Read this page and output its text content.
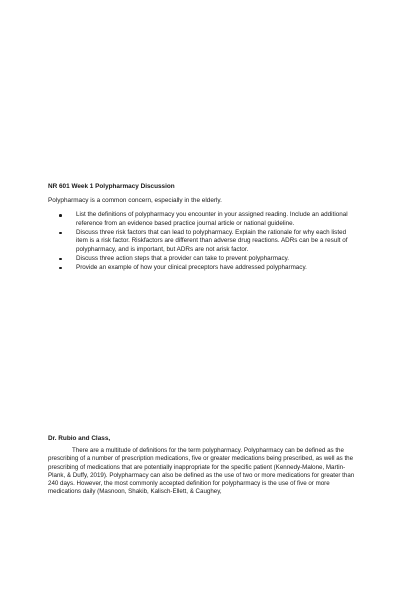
NR 601 Week 1 Polypharmacy Discussion

Polypharmacy is a common concern, especially in the elderly.

List the definitions of polypharmacy you encounter in your assigned reading. Include an additional reference from an evidence based practice journal article or national guideline.
Discuss three risk factors that can lead to polypharmacy. Explain the rationale for why each listed item is a risk factor. Riskfactors are different than adverse drug reactions. ADRs can be a result of polypharmacy, and is important, but ADRs are not arisk factor.
Discuss three action steps that a provider can take to prevent polypharmacy.
Provide an example of how your clinical preceptors have addressed polypharmacy.

Dr. Rubio and Class,

There are a multitude of definitions for the term polypharmacy. Polypharmacy can be defined as the prescribing of a number of prescription medications, five or greater medications being prescribed, as well as the prescribing of medications that are potentially inappropriate for the specific patient (Kennedy-Malone, Martin-Plank, & Duffy, 2019). Polypharmacy can also be defined as the use of two or more medications for greater than 240 days. However, the most commonly accepted definition for polypharmacy is the use of five or more medications daily (Masnoon, Shakib, Kalisch-Ellett, & Caughey,
